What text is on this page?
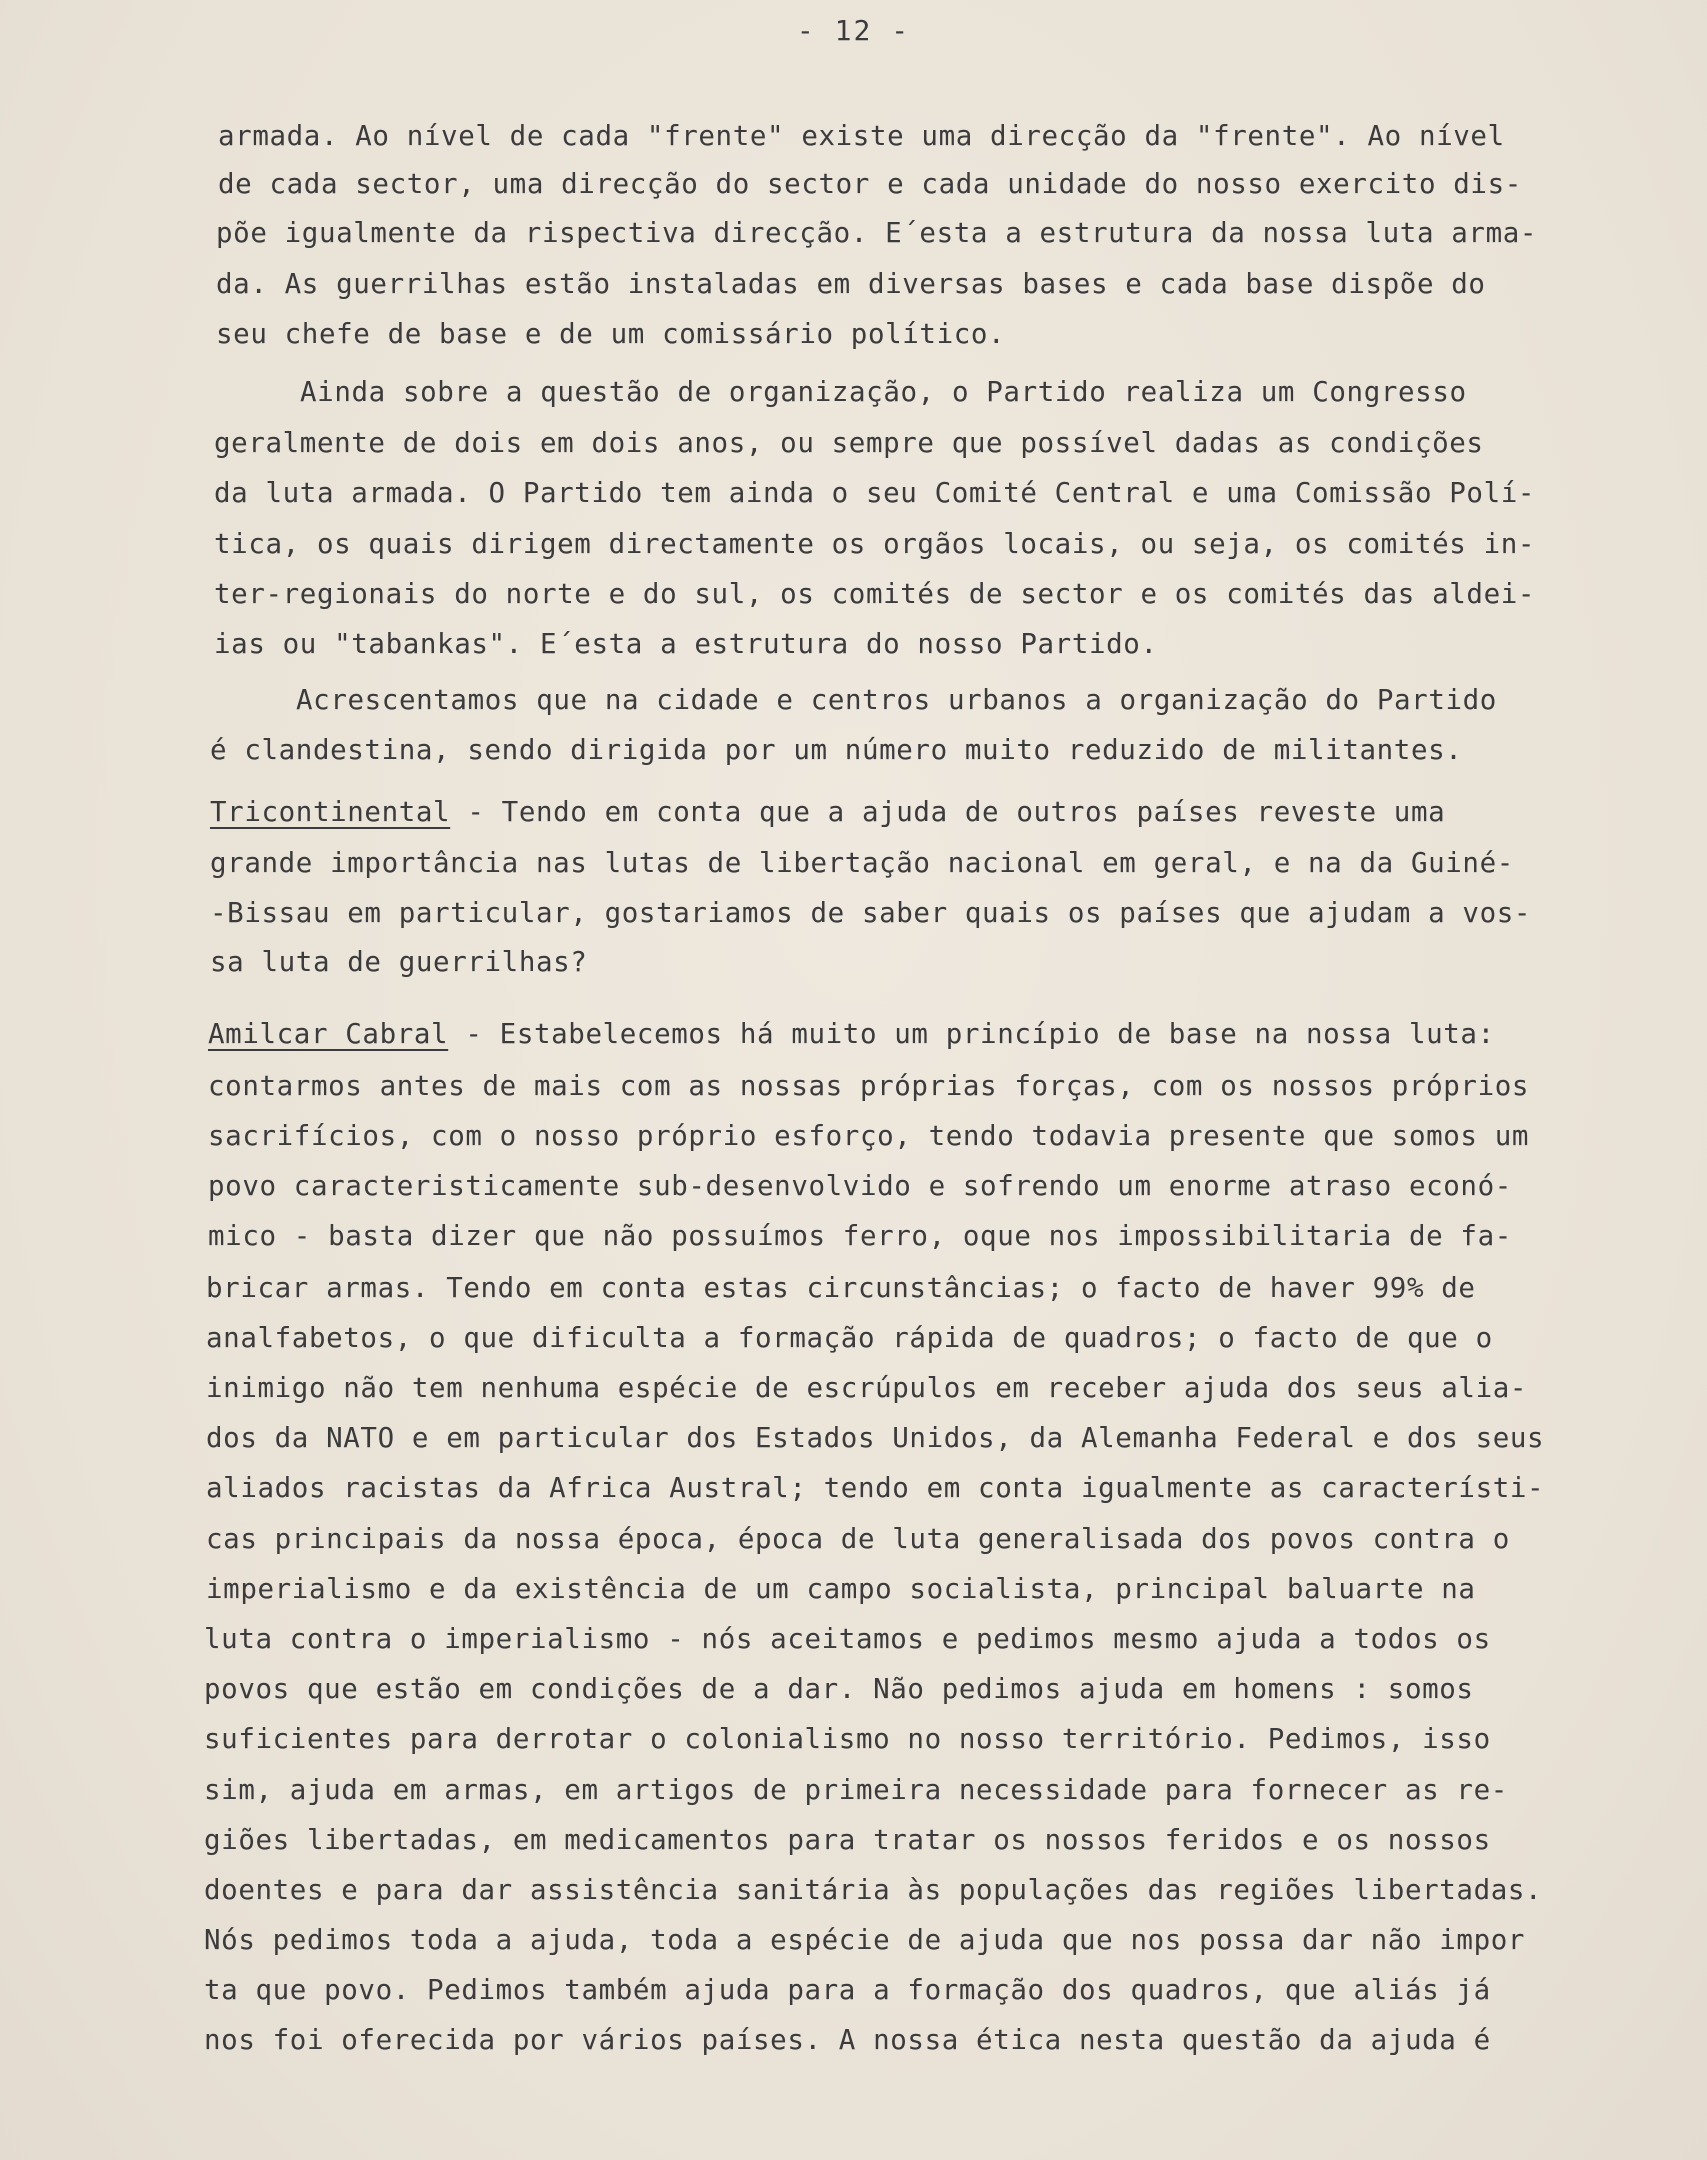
- 12 -

armada. Ao nível de cada "frente" existe uma direcção da "frente". Ao nível

de cada sector, uma direcção do sector e cada unidade do nosso exercito dis-

põe igualmente da rispectiva direcção. E´esta a estrutura da nossa luta arma-

da. As guerrilhas estão instaladas em diversas bases e cada base dispõe do

seu chefe de base e de um comissário político.

Ainda sobre a questão de organização, o Partido realiza um Congresso

geralmente de dois em dois anos, ou sempre que possível dadas as condições

da luta armada. O Partido tem ainda o seu Comité Central e uma Comissão Polí-

tica, os quais dirigem directamente os orgãos locais, ou seja, os comités in-

ter-regionais do norte e do sul, os comités de sector e os comités das aldei-

ias ou "tabankas". E´esta a estrutura do nosso Partido.

Acrescentamos que na cidade e centros urbanos a organização do Partido

é clandestina, sendo dirigida por um número muito reduzido de militantes.

Tricontinental - Tendo em conta que a ajuda de outros países reveste uma

grande importância nas lutas de libertação nacional em geral, e na da Guiné-

-Bissau em particular, gostariamos de saber quais os países que ajudam a vos-

sa luta de guerrilhas?

Amilcar Cabral - Estabelecemos há muito um princípio de base na nossa luta:

contarmos antes de mais com as nossas próprias forças, com os nossos próprios

sacrifícios, com o nosso próprio esforço, tendo todavia presente que somos um

povo caracteristicamente sub-desenvolvido e sofrendo um enorme atraso econó-

mico - basta dizer que não possuímos ferro, oque nos impossibilitaria de fa-

bricar armas. Tendo em conta estas circunstâncias; o facto de haver 99% de

analfabetos, o que dificulta a formação rápida de quadros; o facto de que o

inimigo não tem nenhuma espécie de escrúpulos em receber ajuda dos seus alia-

dos da NATO e em particular dos Estados Unidos, da Alemanha Federal e dos seus

aliados racistas da Africa Austral; tendo em conta igualmente as característi-

cas principais da nossa época, época de luta generalisada dos povos contra o

imperialismo e da existência de um campo socialista, principal baluarte na

luta contra o imperialismo - nós aceitamos e pedimos mesmo ajuda a todos os

povos que estão em condições de a dar. Não pedimos ajuda em homens : somos

suficientes para derrotar o colonialismo no nosso território. Pedimos, isso

sim, ajuda em armas, em artigos de primeira necessidade para fornecer as re-

giões libertadas, em medicamentos para tratar os nossos feridos e os nossos

doentes e para dar assistência sanitária às populações das regiões libertadas.

Nós pedimos toda a ajuda, toda a espécie de ajuda que nos possa dar não impor

ta que povo. Pedimos também ajuda para a formação dos quadros, que aliás já

nos foi oferecida por vários países. A nossa ética nesta questão da ajuda é
